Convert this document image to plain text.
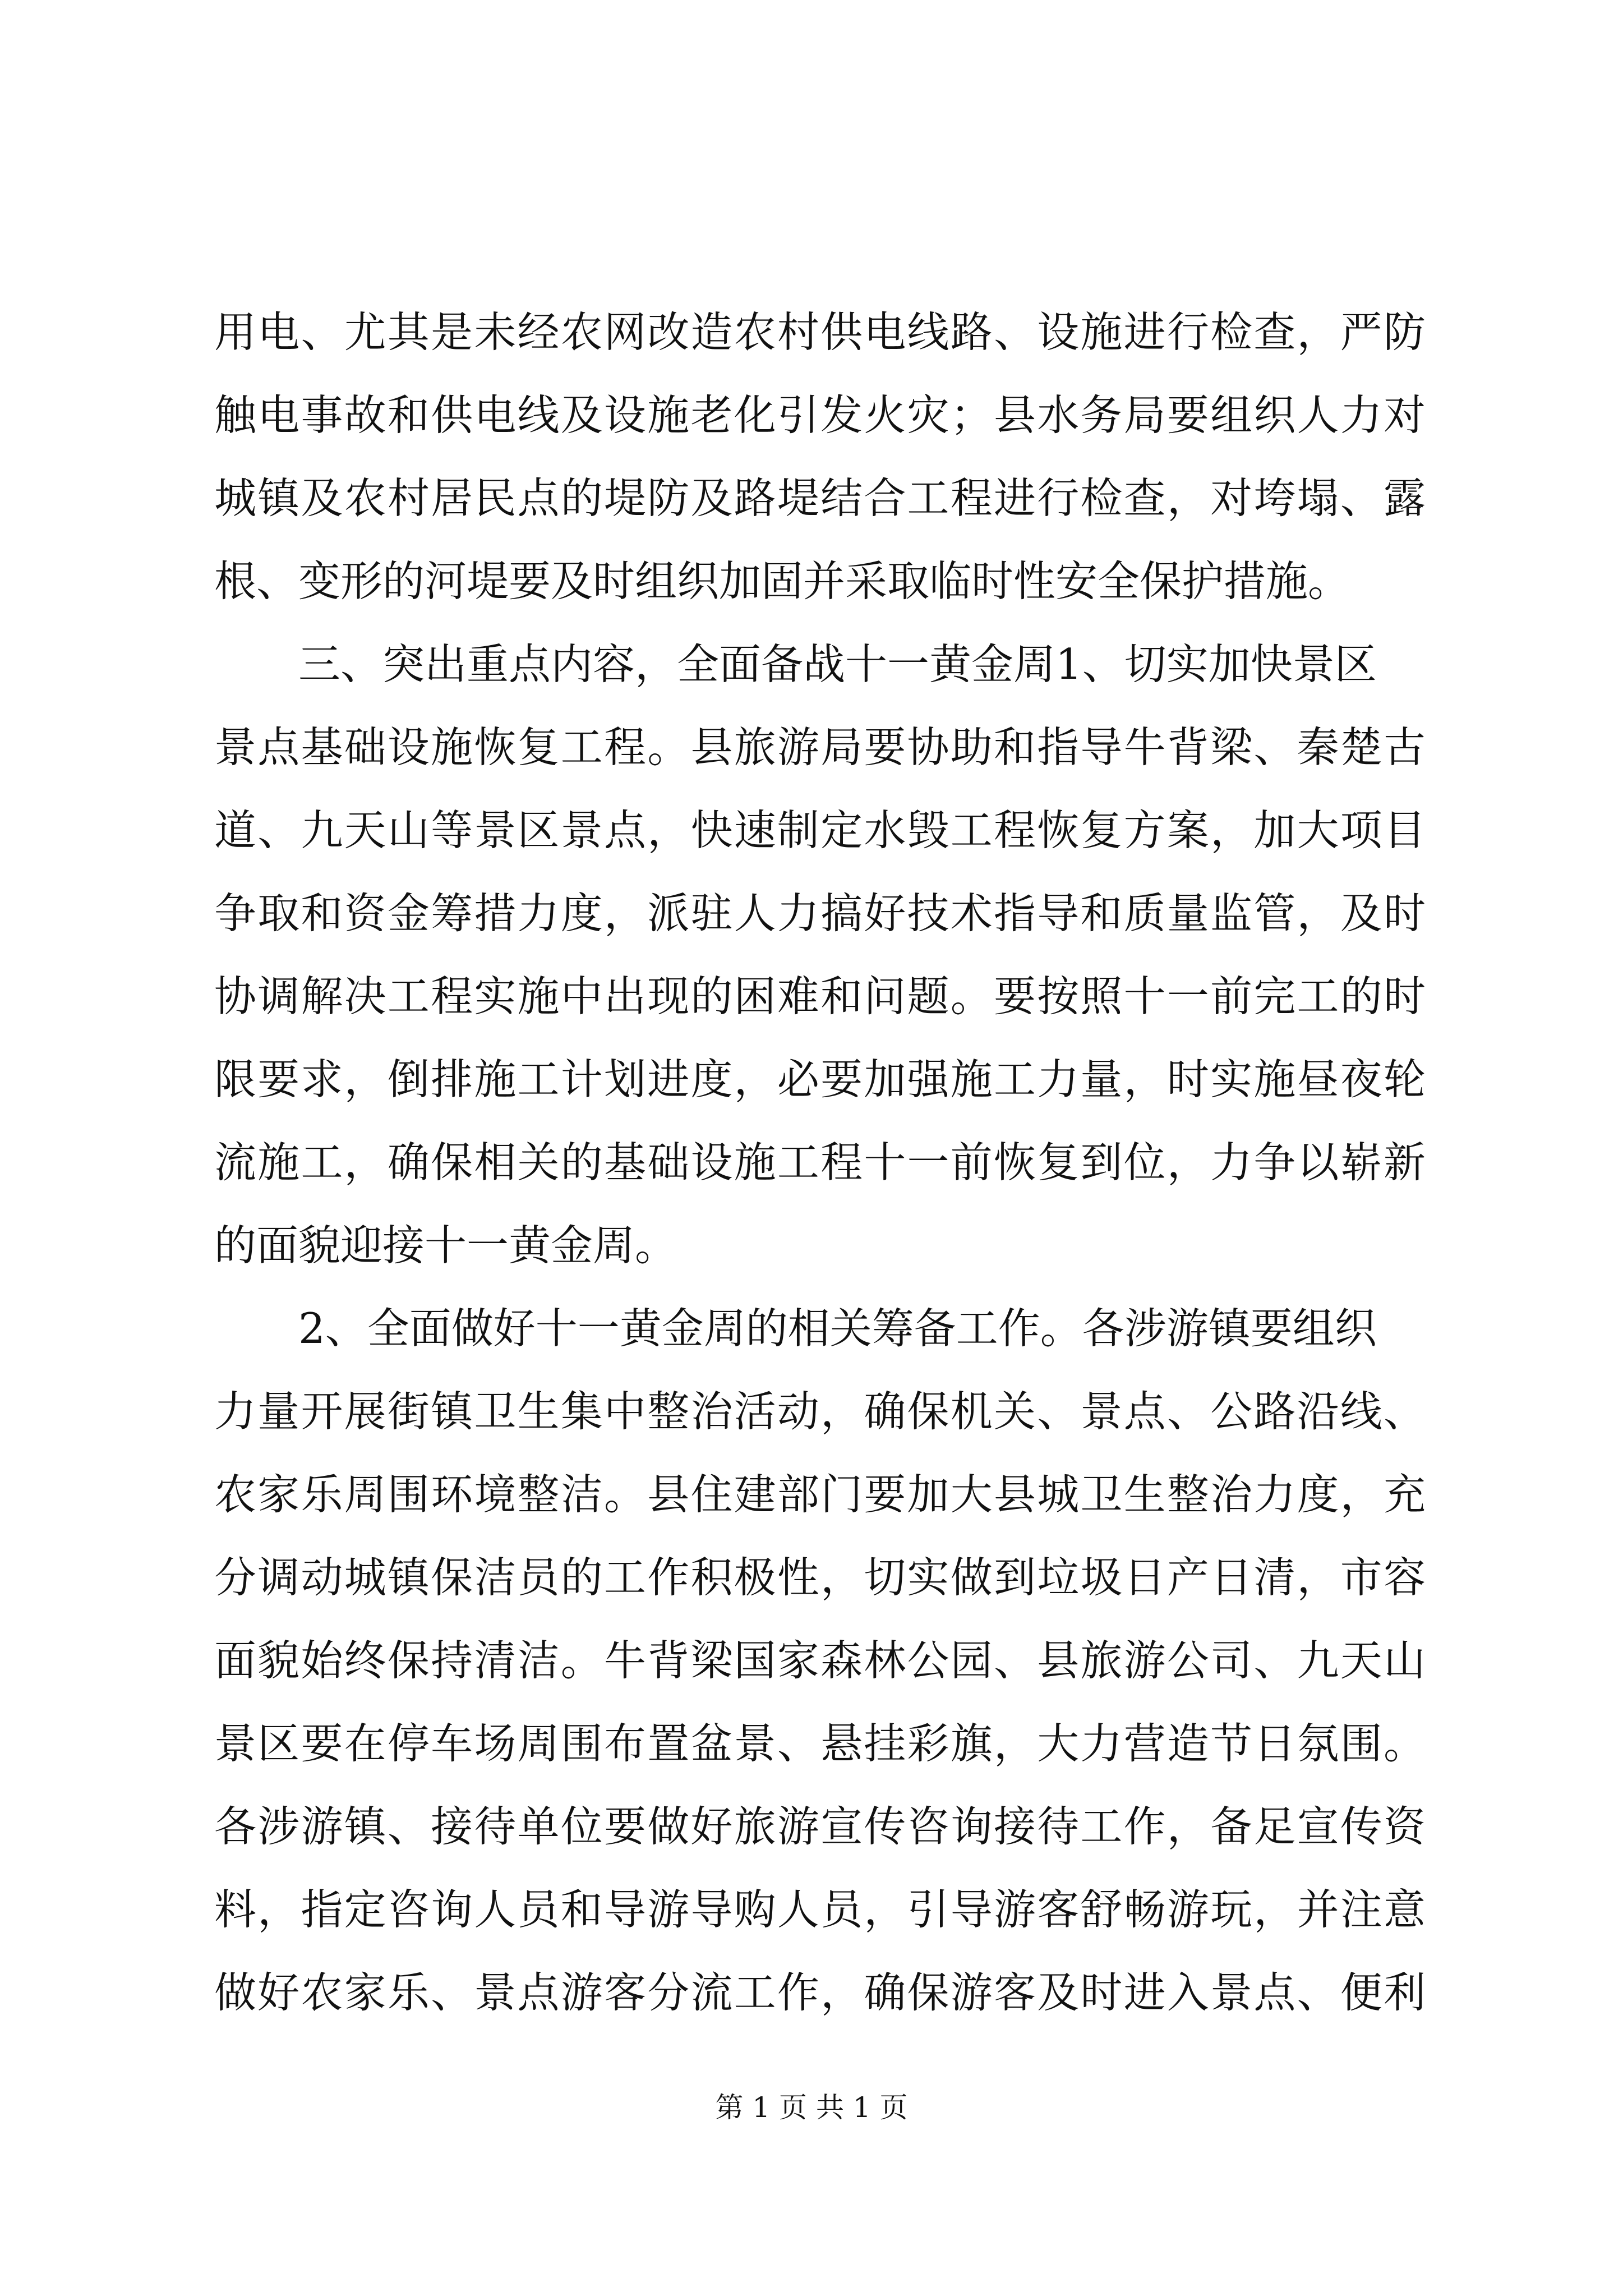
用电、尤其是未经农网改造农村供电线路、设施进行检查，严防
触电事故和供电线及设施老化引发火灾；县水务局要组织人力对
城镇及农村居民点的堤防及路堤结合工程进行检查，对垮塌、露
根、变形的河堤要及时组织加固并采取临时性安全保护措施。
　　三、突出重点内容，全面备战十一黄金周1、切实加快景区
景点基础设施恢复工程。县旅游局要协助和指导牛背梁、秦楚古
道、九天山等景区景点，快速制定水毁工程恢复方案，加大项目
争取和资金筹措力度，派驻人力搞好技术指导和质量监管，及时
协调解决工程实施中出现的困难和问题。要按照十一前完工的时
限要求，倒排施工计划进度，必要加强施工力量，时实施昼夜轮
流施工，确保相关的基础设施工程十一前恢复到位，力争以崭新
的面貌迎接十一黄金周。
　　2、全面做好十一黄金周的相关筹备工作。各涉游镇要组织
力量开展街镇卫生集中整治活动，确保机关、景点、公路沿线、
农家乐周围环境整洁。县住建部门要加大县城卫生整治力度，充
分调动城镇保洁员的工作积极性，切实做到垃圾日产日清，市容
面貌始终保持清洁。牛背梁国家森林公园、县旅游公司、九天山
景区要在停车场周围布置盆景、悬挂彩旗，大力营造节日氛围。
各涉游镇、接待单位要做好旅游宣传咨询接待工作，备足宣传资
料，指定咨询人员和导游导购人员，引导游客舒畅游玩，并注意
做好农家乐、景点游客分流工作，确保游客及时进入景点、便利
第 1 页 共 1 页
